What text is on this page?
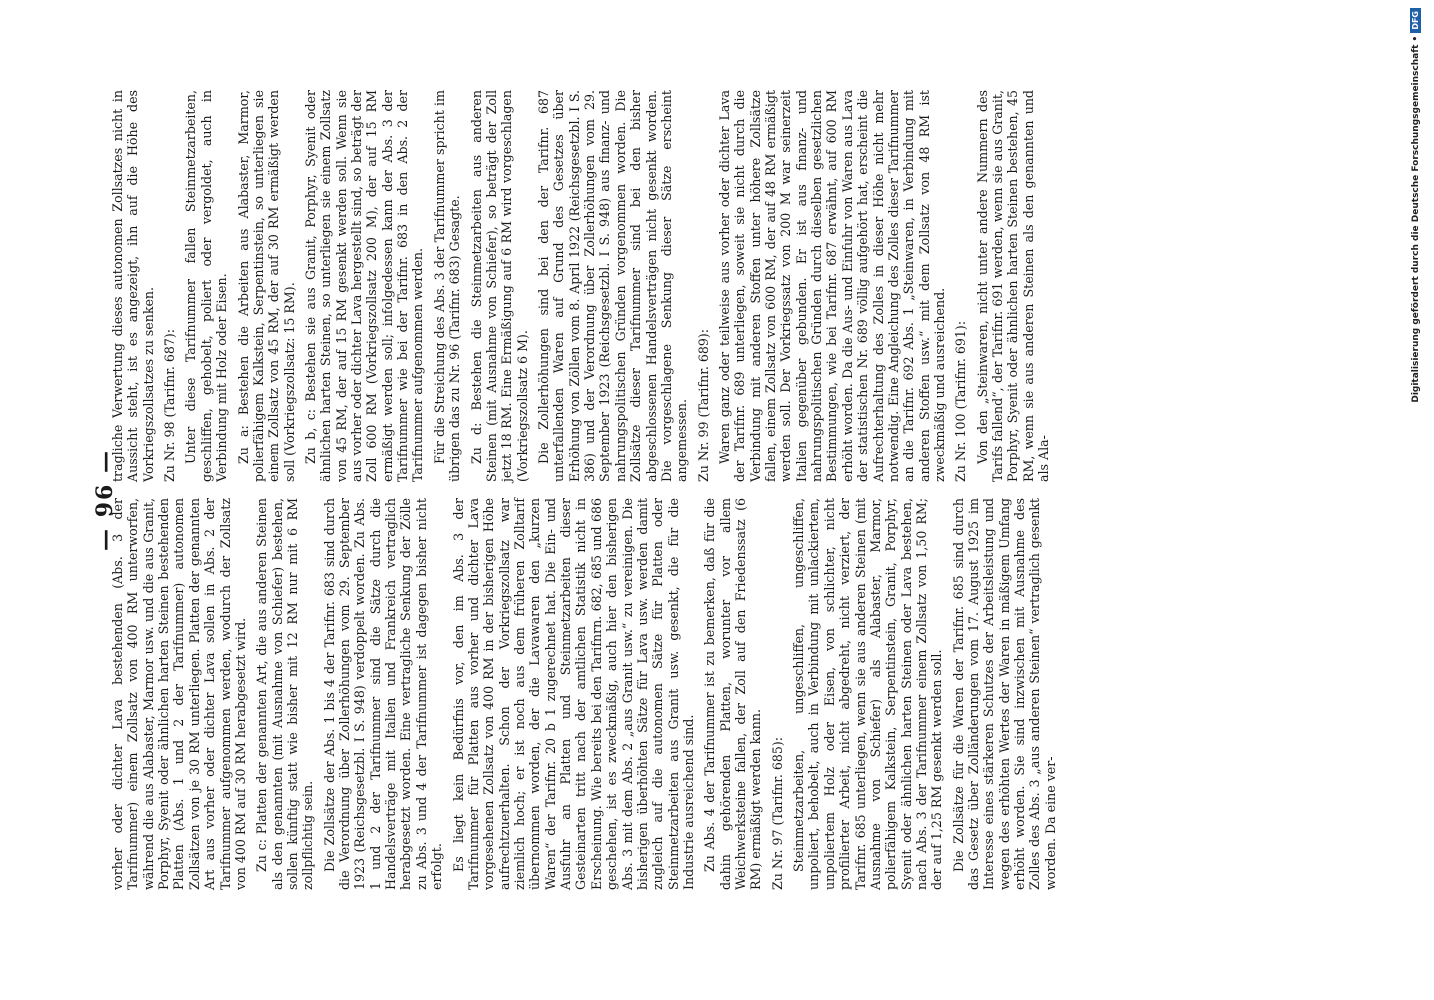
— 96 —

vorher oder dichter Lava bestehenden (Abs. 3 der Tarifnummer) einem Zollsatz von 400 RM unterworfen, während die aus Alabaster, Marmor usw. und die aus Granit, Porphyr, Syenit oder ähnlichen harten Steinen bestehenden Platten (Abs. 1 und 2 der Tarifnummer) autonomen Zollsätzen von je 30 RM unterliegen. Platten der genannten Art aus vorher oder dichter Lava sollen in Abs. 2 der Tarifnummer aufgenommen werden, wodurch der Zollsatz von 400 RM auf 30 RM herabgesetzt wird. Zu c: Platten der genannten Art, die aus anderen Steinen als den genannten (mit Ausnahme von Schiefer) bestehen, sollen künftig statt wie bisher mit 12 RM nur mit 6 RM zollpflichtig sein. Die Zollsätze der Abs. 1 bis 4 der Tarifnr. 683 sind durch die Verordnung über Zollerhöhungen vom 29. September 1923 (Reichsgesetzbl. I S. 948) verdoppelt worden. Zu Abs. 1 und 2 der Tarifnummer sind die Sätze durch die Handelsverträge mit Italien und Frankreich vertraglich herabgesetzt worden. Eine vertragliche Senkung der Zölle zu Abs. 3 und 4 der Tarifnummer ist dagegen bisher nicht erfolgt. Es liegt kein Bedürfnis vor, den im Abs. 3 der Tarifnummer für Platten aus vorher und dichter Lava vorgesehenen Zollsatz von 400 RM in der bisherigen Höhe aufrechtzuerhalten. Schon der Vorkriegszollsatz war ziemlich hoch; er ist noch aus dem früheren Zolltarif übernommen worden, der die Lavawaren den „kurzen Waren“ der Tarifnr. 20 b 1 zugerechnet hat. Die Ein- und Ausfuhr an Platten und Steinmetzarbeiten dieser Gesteinarten tritt nach der amtlichen Statistik nicht in Erscheinung. Wie bereits bei den Tarifnrn. 682, 685 und 686 geschehen, ist es zweckmäßig, auch hier den bisherigen Abs. 3 mit dem Abs. 2 „aus Granit usw.“ zu vereinigen. Die bisherigen überhöhten Sätze für Lava usw. werden damit zugleich auf die autonomen Sätze für Platten oder Steinmetzarbeiten aus Granit usw. gesenkt, die für die Industrie ausreichend sind. Zu Abs. 4 der Tarifnummer ist zu bemerken, daß für die dahin gehörenden Platten, worunter vor allem Weichwerksteine fallen, der Zoll auf den Friedenssatz (6 RM) ermäßigt werden kann. Zu Nr. 97 (Tarifnr. 685): Steinmetzarbeiten, ungeschliffen, ungeschliffen, unpoliert, behobelt, auch in Verbindung mit unlackiertem, unpoliertem Holz oder Eisen, von schlichter, nicht profilierter Arbeit, nicht abgedreht, nicht verziert, der Tarifnr. 685 unterliegen, wenn sie aus anderen Steinen (mit Ausnahme von Schiefer) als Alabaster, Marmor, polierfähigem Kalkstein, Serpentinstein, Granit, Porphyr, Syenit oder ähnlichen harten Steinen oder Lava bestehen, nach Abs. 3 der Tarifnummer einem Zollsatz von 1,50 RM; der auf 1,25 RM gesenkt werden soll. Die Zollsätze für die Waren der Tarifnr. 685 sind durch das Gesetz über Zolländerungen vom 17. August 1925 im Interesse eines stärkeren Schutzes der Arbeitsleistung und wegen des erhöhten Wertes der Waren in mäßigem Umfang erhöht worden. Sie sind inzwischen mit Ausnahme des Zolles des Abs. 3 „aus anderen Steinen“ vertraglich gesenkt worden. Da eine ver-

tragliche Verwertung dieses autonomen Zollsatzes nicht in Aussicht steht, ist es angezeigt, ihn auf die Höhe des Vorkriegszollsatzes zu senken. Zu Nr. 98 (Tarifnr. 687): Unter diese Tarifnummer fallen Steinmetzarbeiten, geschliffen, gehobelt, poliert oder vergoldet, auch in Verbindung mit Holz oder Eisen. Zu a: Bestehen die Arbeiten aus Alabaster, Marmor, polierfähigem Kalkstein, Serpentinstein, so unterliegen sie einem Zollsatz von 45 RM, der auf 30 RM ermäßigt werden soll (Vorkriegszollsatz: 15 RM). Zu b, c: Bestehen sie aus Granit, Porphyr, Syenit oder ähnlichen harten Steinen, so unterliegen sie einem Zollsatz von 45 RM, der auf 15 RM gesenkt werden soll. Wenn sie aus vorher oder dichter Lava hergestellt sind, so beträgt der Zoll 600 RM (Vorkriegszollsatz 200 M), der auf 15 RM ermäßigt werden soll; infolgedessen kann der Abs. 3 der Tarifnummer wie bei der Tarifnr. 683 in den Abs. 2 der Tarifnummer aufgenommen werden. Für die Streichung des Abs. 3 der Tarifnummer spricht im übrigen das zu Nr. 96 (Tarifnr. 683) Gesagte. Zu d: Bestehen die Steinmetzarbeiten aus anderen Steinen (mit Ausnahme von Schiefer), so beträgt der Zoll jetzt 18 RM. Eine Ermäßigung auf 6 RM wird vorgeschlagen (Vorkriegszollsatz 6 M). Die Zollerhöhungen sind bei den der Tarifnr. 687 unterfallenden Waren auf Grund des Gesetzes über Erhöhung von Zöllen vom 8. April 1922 (Reichsgesetzbl. I S. 386) und der Verordnung über Zollerhöhungen vom 29. September 1923 (Reichsgesetzbl. I S. 948) aus finanz- und nahrungspolitischen Gründen vorgenommen worden. Die Zollsätze dieser Tarifnummer sind bei den bisher abgeschlossenen Handelsverträgen nicht gesenkt worden. Die vorgeschlagene Senkung dieser Sätze erscheint angemessen. Zu Nr. 99 (Tarifnr. 689): Waren ganz oder teilweise aus vorher oder dichter Lava der Tarifnr. 689 unterliegen, soweit sie nicht durch die Verbindung mit anderen Stoffen unter höhere Zollsätze fallen, einem Zollsatz von 600 RM, der auf 48 RM ermäßigt werden soll. Der Vorkriegssatz von 200 M war seinerzeit Italien gegenüber gebunden. Er ist aus finanz- und nahrungspolitischen Gründen durch dieselben gesetzlichen Bestimmungen, wie bei Tarifnr. 687 erwähnt, auf 600 RM erhöht worden. Da die Aus- und Einfuhr von Waren aus Lava der statistischen Nr. 689 völlig aufgehört hat, erscheint die Aufrechterhaltung des Zolles in dieser Höhe nicht mehr notwendig. Eine Angleichung des Zolles dieser Tarifnummer an die Tarifnr. 692 Abs. 1 „Steinwaren, in Verbindung mit anderen Stoffen usw.“ mit dem Zollsatz von 48 RM ist zweckmäßig und ausreichend. Zu Nr. 100 (Tarifnr. 691): Von den „Steinwaren, nicht unter andere Nummern des Tarifs fallend“, der Tarifnr. 691 werden, wenn sie aus Granit, Porphyr, Syenit oder ähnlichen harten Steinen bestehen, 45 RM, wenn sie aus anderen Steinen als den genannten und als Ala-

Digitalisierung gefördert durch die Deutsche Forschungsgemeinschaft •DFG
